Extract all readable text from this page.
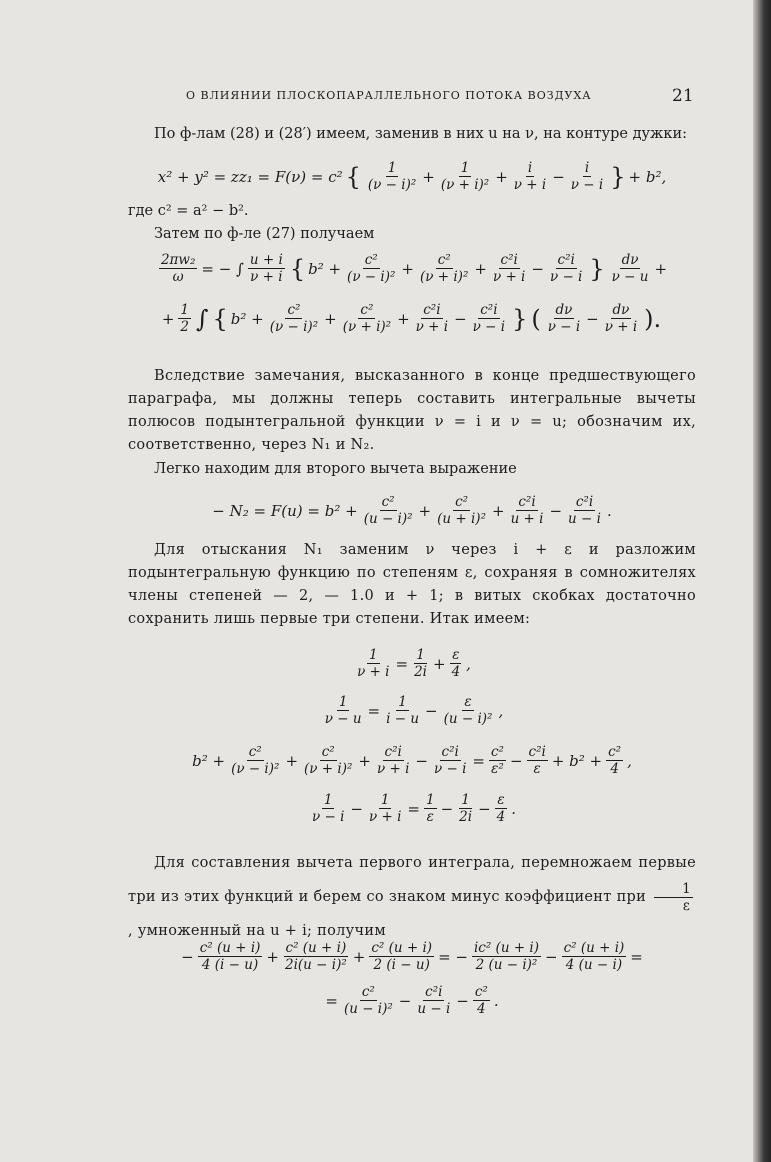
О ВЛИЯНИИ ПЛОСКОПАРАЛЛЕЛЬНОГО ПОТОКА ВОЗДУХА	21
По ф-лам (28) и (28′) имеем, заменив в них u на ν, на контуре дужки:
x² + y² = zz₁ = F(ν) = c² { $\frac{1}{\text{(ν − i)²}} + \frac{1}{\text{(ν + i)²}} + \frac{i}{\nu + i} - \frac{i}{\nu - i}$ } + b²,
где c² = a² − b².
Затем по ф-ле (27) получаем
$\frac{\text{2πw₂}}{\omega}$ = − ∫ $\frac{u + i}{\nu + i}$ { $b^2 + \frac{\text{c²}}{\text{(ν − i)²}} + \frac{\text{c²}}{\text{(ν + i)²}} + \frac{\text{c²i}}{\nu + i} - \frac{\text{c²i}}{\nu - i}$ } $\frac{d\nu}{\nu - u}$ +
+ $\frac{1}{2}$ ∫ { $b^2 + \frac{\text{c²}}{\text{(ν − i)²}} + \frac{\text{c²}}{\text{(ν + i)²}} + \frac{\text{c²i}}{\nu + i} - \frac{\text{c²i}}{\nu - i}$ } ( $\frac{d\nu}{\nu - i} - \frac{d\nu}{\nu + i}$ ).
Вследствие замечания, высказанного в конце предшествующего параграфа, мы должны теперь составить интегральные вычеты полюсов подынтегральной функции ν = i и ν = u; обозначим их, соответственно, через N₁ и N₂.
Легко находим для второго вычета выражение
− $N_2 = F(u) = b^2 + \frac{\text{c²}}{\text{(u − i)²}} + \frac{\text{c²}}{\text{(u + i)²}} + \frac{\text{c²i}}{u + i} - \frac{\text{c²i}}{u - i}$ .
Для отыскания N₁ заменим ν через i + ε и разложим подынтегральную функцию по степеням ε, сохраняя в сомножителях члены степеней — 2, — 1.0 и + 1; в витых скобках достаточно сохранить лишь первые три степени. Итак имеем:
$\frac{1}{\nu + i} = \frac{1}{2i} + \frac{\varepsilon}{4}$ ,
$\frac{1}{\nu - u} = \frac{1}{i - u} - \frac{\varepsilon}{\text{(u − i)²}}$ ,
$b^2 + \frac{\text{c²}}{\text{(ν − i)²}} + \frac{\text{c²}}{\text{(ν + i)²}} + \frac{\text{c²i}}{\nu + i} - \frac{\text{c²i}}{\nu - i} = \frac{\text{c²}}{\text{ε²}} - \frac{\text{c²i}}{\varepsilon} + b^2 + \frac{\text{c²}}{4}$ ,
$\frac{1}{\nu - i} - \frac{1}{\nu + i} = \frac{1}{\varepsilon} - \frac{1}{2i} - \frac{\varepsilon}{4}$ .
Для составления вычета первого интеграла, перемножаем первые три из этих функций и берем со знаком минус коэффициент при $\frac{1}{\varepsilon}$
, умноженный на u + i; получим
− $\frac{\text{c² (u + i)}}{4 (i - u)} + \frac{\text{c² (u + i)}}{\text{2i(u − i)²}} + \frac{\text{c² (u + i)}}{2 (i - u)}$ = − $\frac{\text{ic² (u + i)}}{\text{2 (u − i)²}} - \frac{\text{c² (u + i)}}{4 (u - i)}$ =
= $\frac{\text{c²}}{\text{(u − i)²}} - \frac{\text{c²i}}{u - i} - \frac{\text{c²}}{4}$ .
